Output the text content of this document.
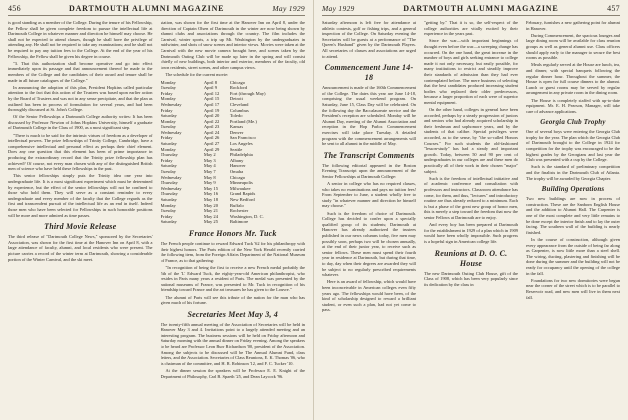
456	DARTMOUTH ALUMNI MAGAZINE	May 1929

is good standing as a member of the College. During the tenure of his Fellowship, the Fellow shall be given complete freedom to pursue the intellectual life at Dartmouth College in whatever manner and direction he himself may choose. He shall not be expected to attend classes, though he shall have the privilege of attending any. He shall not be required to take any examinations; and he shall not be required to pay any tuition fees to the College. At the end of the year of his Fellowship, the Fellow shall be given his degree in course.

"3. That this authorization shall become operative and go into effect immediately upon its passage and that announcement thereof be made to the members of the College and the candidates of their award and tenure shall be made in all future catalogues of the College."

In announcing the adoption of this plan, President Hopkins called particular attention to the fact that this action of the Trustees was based upon earlier action by the Board of Trustees and was not in any sense precipitate, and that the plan as outlined has been in process of formulation for several years, and had been thoroughly discussed at St. John's College.

Of the Senior Fellowships a Dartmouth College authority writes: It has been discussed by Professor Newton of Johns Hopkins University, himself a graduate of Dartmouth College in the Class of 1900, as a most significant step.

"There is much to be said for the intrinsic virtues of freedom as a developer of intellectual powers. The prize fellowships of Trinity College, Cambridge, have a comprehensive intellectual and personal effect as perhaps their chief element. Does any one question that this element has been of prime importance in producing the extraordinary record that the Trinity prize fellowship plan has achieved? Of course, not every man chosen with any of the distinguished British men of science who have held these fellowships in the past.

This senior fellowships simply puts the Trinity idea one year into undergraduate life. It is a most significant experiment which must be determined by experience, but the effect of the senior fellowships will not be confined to those who hold them. They will serve as a constant reminder to every undergraduate and every member of the faculty that the College regards as the first and transcendent pursuit of the intellectual life as an end in itself. Indeed those men who have been selected for Fellowships in such honorable positions will be more and more admired as time passes.

Third Movie Release

The third release of "Dartmouth College News," sponsored by the Secretaries' Association, was shown for the first time at the Hanover Inn on April 8, with a large attendance of faculty, alumni, and local residents who were present. The picture carries a record of the winter term at Dartmouth, showing a considerable portion of the Winter Carnival, and the ski meet.

station, was shown for the first time at the Hanover Inn on April 8, under the direction of Captain Olsen of Dartmouth in the winter are now being shown by alumni clubs and associations through the country. The film includes the Carnival, winter sports, a trip up Mt. Washington by the undergraduates in midwinter, and shots of snow scenes and interior views. Movies were taken at the Carnival with the new movie camera brought here, and scenes taken by the Dartmouth Outing Club will be made up later in the spring and will consist chiefly of new buildings, both interior and exterior, members of the faculty, old town residents, street scenes, and other campus views.

The schedule for the current movie:

Monday	April 8	Chicago
Tuesday	April 9	Rockford
Friday	April 12	Fort (through May)
Monday	April 15	Detroit
Wednesday	April 17	Cleveland
Friday	April 19	Columbus
Saturday	April 20	Toledo
Monday	April 22	Portland (Me.)
Tuesday	April 23	Kansas
Wednesday	April 24	Denver
Friday	April 26	San Francisco
Saturday	April 27	Los Angeles
Monday	April 29	Seattle
Thursday	May 2	Philadelphia
Friday	May 3	Albany
Saturday	May 4	Hanover
Tuesday	May 7	Omaha
Wednesday	May 8	Chicago
Thursday	May 9	Minneapolis
Wednesday	May 15	Milwaukee
Thursday	May 16	Grand Rapids
Saturday	May 18	New Bedford
Monday	May 20	Buffalo
Tuesday	May 21	Rochester
Friday	May 24	Washington, D. C.
Saturday	May 25	Baltimore
France Honors Mr. Tuck

The French people continue to reward Edward Tuck '62 for his philanthropy with their highest honors. The Paris edition of the New York Herald recently carried the following item, from the Foreign Affairs Department of the National Museum of France, as to that gathering:

"In recognition of being the first to receive a new French medal probably the 5th of the 'L' Edward Tuck, the eighty-year-old American philanthropist, who resides in Paris many years a resident of Paris. The medal was presented by the national museums of France, was presented to Mr. Tuck in recognition of his friendship toward France and the art treasures he has given to the Louvre."

The alumni of Paris will see this tribute of the nation for the man who has given much of his fortune.

Secretaries Meet May 3, 4

The twenty-fifth annual meeting of the Association of Secretaries will be held in Hanover May 3 and 4. Invitations point to a largely attended meeting and an interesting program. The business sessions will be held on Friday afternoon and Saturday morning with the annual dinner on Friday evening. Among the speakers to be heard are Professor Leon Burr Richardson '00, president of the Association. Among the subjects to be discussed will be The Annual Alumni Fund, class letters, and the Association. Secretaries of Class Reunions, E. K. Thomas '06, who is chairman of the committee, and H. R. Robinson '12, and F. C. Tucker '10.

At the dinner session the speakers will be Professor E. E. Knight of the Department of Philosophy, Carl B. Spaeth '25, and Dean Laycock '96.

May 1929	DARTMOUTH ALUMNI MAGAZINE	457

Saturday afternoon is left free for attendance at athletic contests, golf or fishing trips, and a general inspection of the College. On Saturday evening the Secretaries will be guests at a performance of "The Queen's Husband" given by the Dartmouth Players. All secretaries of classes and associations are urged to attend.

Commencement June 14-18

Announcement is made of the 160th Commencement of the College. The dates this year are June 14-18, comprising the usual weekend program. On Saturday, June 15, Class Day will be celebrated. On the following day the Baccalaureate service and the President's reception are scheduled. Monday will be Alumni Day, meeting of the Alumni Association and reception in the Hop Parlor. Commencement exercises will take place Tuesday. A detailed program with the commencement arrangements will be sent to all alumni in the middle of May.

The Transcript Comments

The following editorial appeared in the Boston Evening Transcript upon the announcement of the Senior Fellowships at Dartmouth College:

A senior in college who has no required classes, who takes no examinations and pays no tuition fees! From September to June, a student wholly free to study "in whatever manner and direction he himself may choose."

Such is the freedom of choice of Dartmouth. College has decided to confer upon a specially qualified group of its students; Dartmouth at Hanover has already authorized the trustees published in our news columns today, five men may possibly soon, perhaps two will be chosen annually, at the end of their junior year, to receive such as senior fellows. These men must spend their fourth year in residence at Dartmouth, but during that time, to day, day when their degrees are awarded they will be subject to no regularly prescribed requirements whatever.

Here is an award of fellowship, which would have been inconceivable in American colleges even fifty years ago. The fellowships would have been, of the kind of scholarship designed to reward a brilliant student, or even such a plan, had not yet come to pass.

"getting by." That it is so, the self-respect of the college authorities are vitally excited by their experience in the years past.

Since the war—with important beginnings of thought even before the war—a sweeping change has occurred. On the one hand, the great increase in the number of boys and girls seeking entrance to college made it not only necessary, but easily possible, for many institutions to restrict and steadily improve their standards of admission than they had ever contemplated before. The mere business of selecting that the best candidates produced increasing student bodies who replaced their older predecessors, because a larger proportion of each were of superior mental equipment.

On the other hand, colleges in general have been accorded, perhaps by a steady progression of juniors and seniors who had already acquired scholarship in their freshman and sophomore years, and by the students of that calibre. Special privileges were accorded, as to the sense, by "the so-called Honors Courses." For such students the old-fashioned "lesson-study" has had a steady and important growth. Today, between 50 and 90 per cent of undergraduates in our colleges are and these men do practically all of their work in their chosen "major" subject.

Such is the freedom of intellectual initiative and of academic conference and consultation with professors and instructors. Classroom attendance has come, for them, and thus, "lectures" and introductory routine are thus already reduced to a minimum. Each is but a phase of the great new group of honor men, this is merely a step toward the freedom that now the senior Fellows at Dartmouth are to enjoy.

And every boy has been prepared at Dartmouth for the establishment in 1929 of a plan which in 1909 would have been wholly impossible. Such progress is a hopeful sign in American college life.

Reunions at D. O. C. House

The new Dartmouth Outing Club House, gift of the Class of 1908, which has been very popularly since its dedication by the class in

February, furnishes a new gathering point for alumni in Hanover.

During Commencement, the spacious lounges and large dining room will be available for class reunion groups as well as general alumni use. Class officers should apply early to the manager to secure the best rooms as possible.

Meals regularly served at the House are lunch, tea, and dinner, with special banquets following the regular dinner hour. Throughout the summer, the House is open for full course dinners to the alumni. Lunch or guest rooms may be served by regular arrangement in any private room in the dining room.

The House is completely staffed with up-to-date equipment. Mr. E. H. Pearson, Manager, will take care of advance applications.

Georgia Club Trophy

One of several boys were entering the Georgia Club trophy for the year. The plan which the Georgia Club of Dartmouth brought to the College in 1924 for competition for the trophy was encouraged to be the highest grades by the Georgians and last year the Club was presented with a cup by the College.

Such is the standard of preliminary competition and the finalists in the Dartmouth Club of Atlanta. The trophy will be awarded by Georgia Chapter.

Building Operations

Two new buildings are now in process of construction. These are the Sanborn English House and the addition to Alumni Hall. The Carpenter is one of the most complete and very little remains to be done except the interior finish and to lay the outer facing. The southern wall of the building is nearly finished.

In the course of construction, although given every appearance from the outside of being far along as Carpenter, is now little more than a steel shell. The wiring, ducting, plastering and finishing will be done during the summer and the building will not be ready for occupancy until the opening of the college in the fall.

Foundations for two new dormitories were begun near the corner of the street which is to be parallel to Reservoir road, and new men will live in them next fall.
